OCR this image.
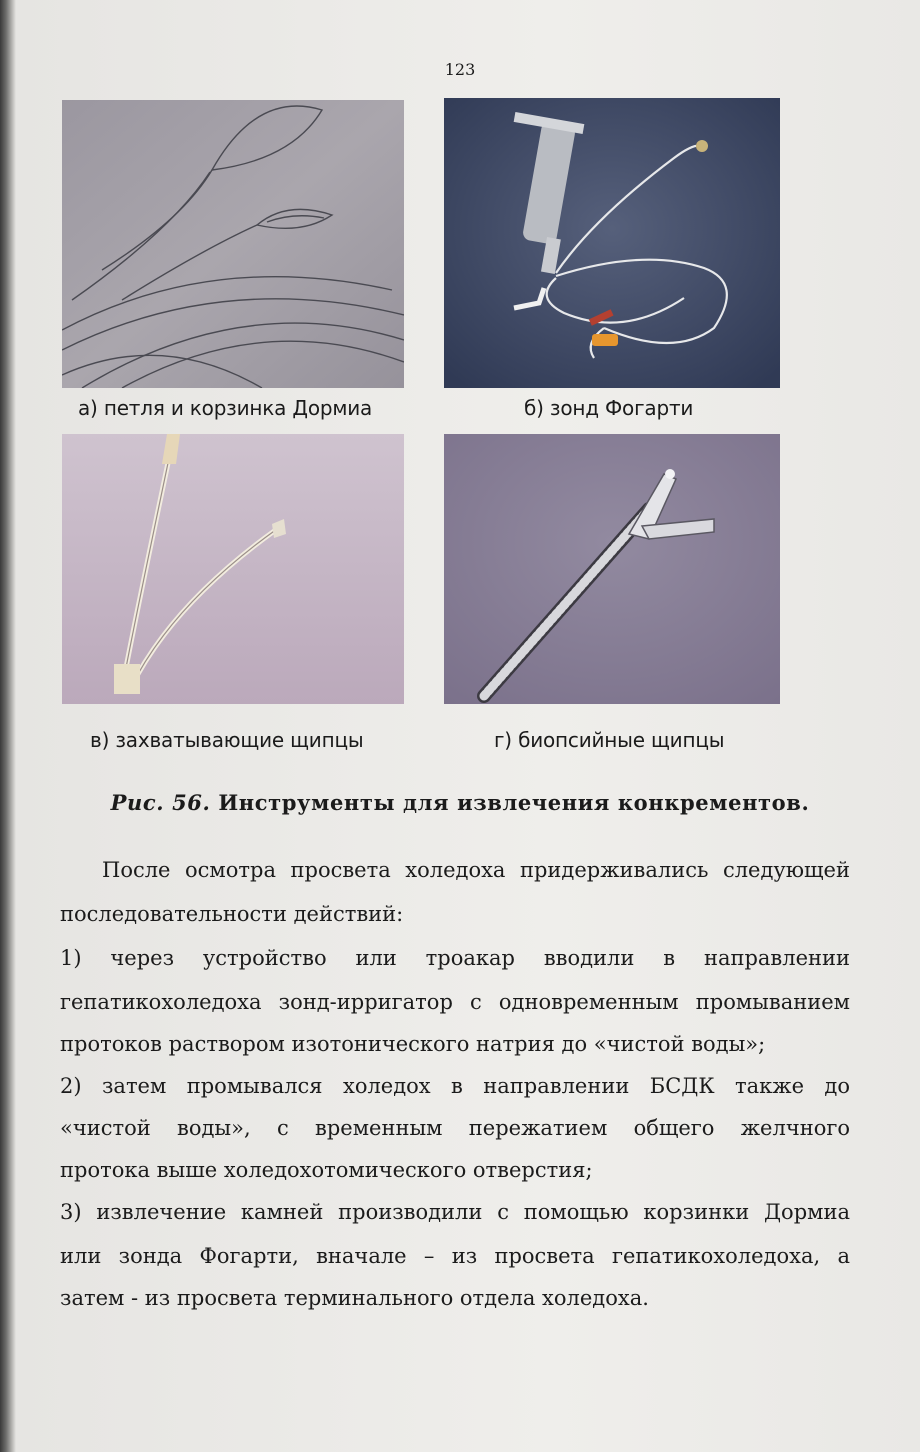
123
а) петля и корзинка Дормиа	б) зонд Фогарти
в) захватывающие щипцы	г) биопсийные щипцы
Рис. 56. Инструменты для извлечения конкрементов.
После осмотра просвета холедоха придерживались следующей
последовательности действий:
1) через устройство или троакар вводили в направлении
гепатикохоледоха зонд-ирригатор с одновременным промыванием
протоков раствором изотонического натрия до «чистой воды»;
2) затем промывался холедох в направлении БСДК также до
«чистой воды», с временным пережатием общего желчного
протока выше холедохотомического отверстия;
3) извлечение камней производили с помощью корзинки Дормиа
или зонда Фогарти, вначале – из просвета гепатикохоледоха, а
затем - из просвета терминального отдела холедоха.
